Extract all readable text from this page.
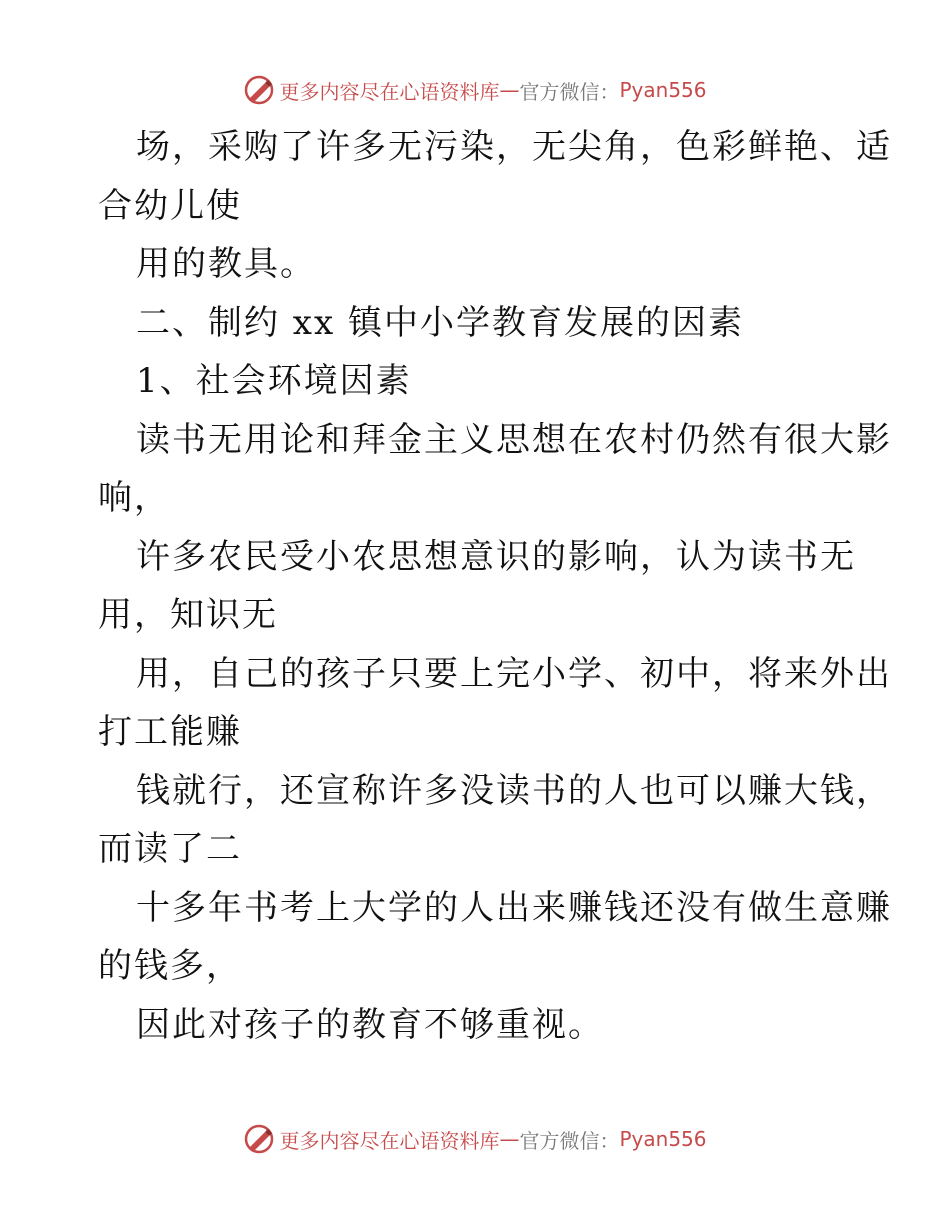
更多内容尽在心语资料库 — 官方微信： Pyan556
场，采购了许多无污染，无尖角，色彩鲜艳、适
合幼儿使
用的教具。
二、制约 xx 镇中小学教育发展的因素
1、社会环境因素
读书无用论和拜金主义思想在农村仍然有很大影
响，
许多农民受小农思想意识的影响，认为读书无
用，知识无
用，自己的孩子只要上完小学、初中，将来外出
打工能赚
钱就行，还宣称许多没读书的人也可以赚大钱，
而读了二
十多年书考上大学的人出来赚钱还没有做生意赚
的钱多，
因此对孩子的教育不够重视。
更多内容尽在心语资料库 — 官方微信： Pyan556
